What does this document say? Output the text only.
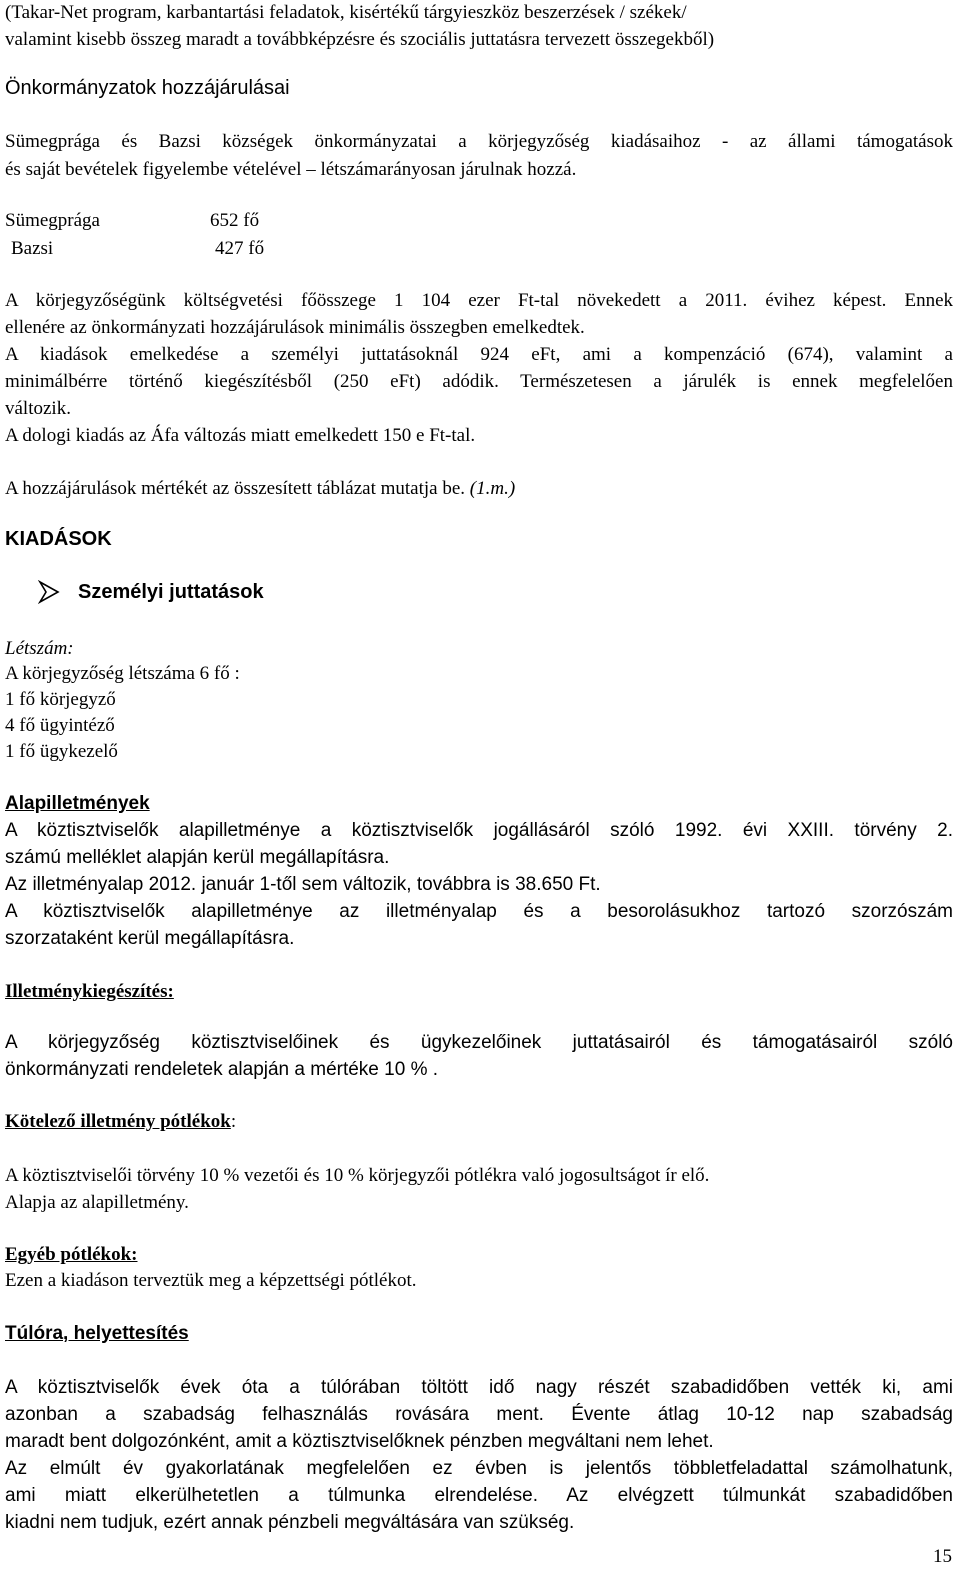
(Takar-Net program, karbantartási feladatok, kisértékű tárgyieszköz beszerzések / székek/

valamint kisebb összeg maradt a továbbképzésre és szociális juttatásra tervezett összegekből)

Önkormányzatok hozzájárulásai

Sümegprága és Bazsi községek önkormányzatai a körjegyzőség kiadásaihoz - az állami támogatások

és saját bevételek figyelembe vételével – létszámarányosan járulnak hozzá.

Sümegprága	652 fő
Bazsi	427 fő

A körjegyzőségünk költségvetési főösszege 1 104 ezer Ft-tal növekedett a 2011. évihez képest. Ennek

ellenére az önkormányzati hozzájárulások minimális összegben emelkedtek.

A kiadások emelkedése a személyi juttatásoknál 924 eFt, ami a kompenzáció (674), valamint a

minimálbérre történő kiegészítésből (250 eFt) adódik. Természetesen a járulék is ennek megfelelően

változik.

A dologi kiadás az Áfa változás miatt emelkedett 150 e Ft-tal.

A hozzájárulások mértékét az összesített táblázat mutatja be. (1.m.)

KIADÁSOK

Személyi juttatások

Létszám:

A körjegyzőség létszáma 6 fő :

1 fő körjegyző

4 fő ügyintéző

1 fő ügykezelő

Alapilletmények

A köztisztviselők alapilletménye a köztisztviselők jogállásáról szóló 1992. évi XXIII. törvény 2.

számú melléklet alapján kerül megállapításra.

Az illetményalap 2012. január 1-től sem változik, továbbra is 38.650 Ft.

A köztisztviselők alapilletménye az illetményalap és a besorolásukhoz tartozó szorzószám

szorzataként kerül megállapításra.

Illetménykiegészítés:

A körjegyzőség köztisztviselőinek és ügykezelőinek juttatásairól és támogatásairól szóló

önkormányzati rendeletek alapján a mértéke 10 % .

Kötelező illetmény pótlékok:

A köztisztviselői törvény 10 % vezetői és 10 % körjegyzői pótlékra való jogosultságot ír elő.

Alapja az alapilletmény.

Egyéb pótlékok:

Ezen a kiadáson terveztük meg a képzettségi pótlékot.

Túlóra, helyettesítés

A köztisztviselők évek óta a túlórában töltött idő nagy részét szabadidőben vették ki, ami

azonban a szabadság felhasználás rovására ment. Évente átlag 10-12 nap szabadság

maradt bent dolgozónként, amit a köztisztviselőknek pénzben megváltani nem lehet.

Az elmúlt év gyakorlatának megfelelően ez évben is jelentős többletfeladattal számolhatunk,

ami miatt elkerülhetetlen a túlmunka elrendelése. Az elvégzett túlmunkát szabadidőben

kiadni nem tudjuk, ezért annak pénzbeli megváltására van szükség.

15
